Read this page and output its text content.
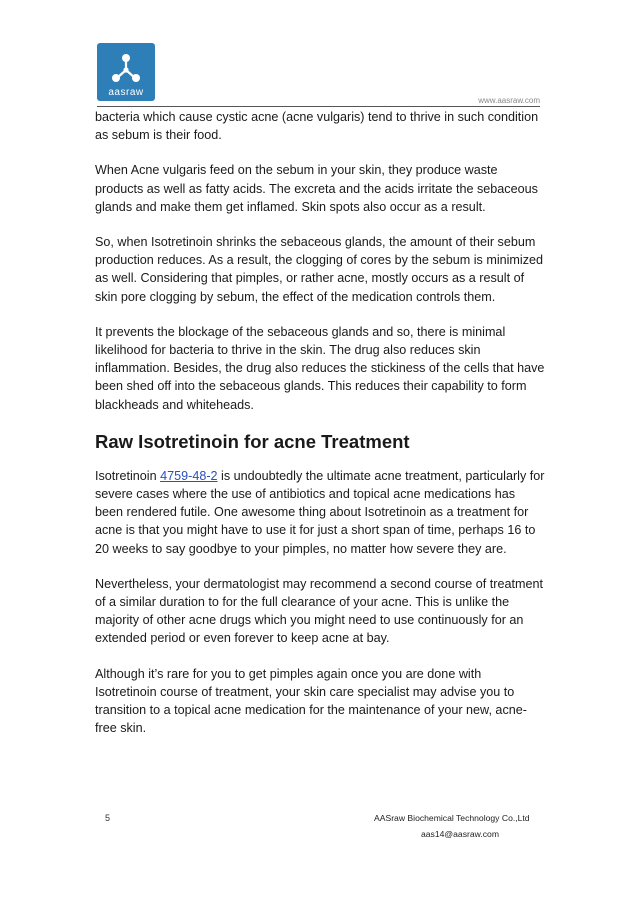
aasraw
www.aasraw.com

bacteria which cause cystic acne (acne vulgaris) tend to thrive in such condition as sebum is their food.

When Acne vulgaris feed on the sebum in your skin, they produce waste products as well as fatty acids. The excreta and the acids irritate the sebaceous glands and make them get inflamed. Skin spots also occur as a result.

So, when Isotretinoin shrinks the sebaceous glands, the amount of their sebum production reduces. As a result, the clogging of cores by the sebum is minimized as well. Considering that pimples, or rather acne, mostly occurs as a result of skin pore clogging by sebum, the effect of the medication controls them.

It prevents the blockage of the sebaceous glands and so, there is minimal likelihood for bacteria to thrive in the skin. The drug also reduces skin inflammation. Besides, the drug also reduces the stickiness of the cells that have been shed off into the sebaceous glands. This reduces their capability to form blackheads and whiteheads.

Raw Isotretinoin for acne Treatment

Isotretinoin 4759-48-2 is undoubtedly the ultimate acne treatment, particularly for severe cases where the use of antibiotics and topical acne medications has been rendered futile. One awesome thing about Isotretinoin as a treatment for acne is that you might have to use it for just a short span of time, perhaps 16 to 20 weeks to say goodbye to your pimples, no matter how severe they are.

Nevertheless, your dermatologist may recommend a second course of treatment of a similar duration to for the full clearance of your acne. This is unlike the majority of other acne drugs which you might need to use continuously for an extended period or even forever to keep acne at bay.

Although it’s rare for you to get pimples again once you are done with Isotretinoin course of treatment, your skin care specialist may advise you to transition to a topical acne medication for the maintenance of your new, acne-free skin.

5	AASraw Biochemical Technology Co.,Ltd
aas14@aasraw.com
